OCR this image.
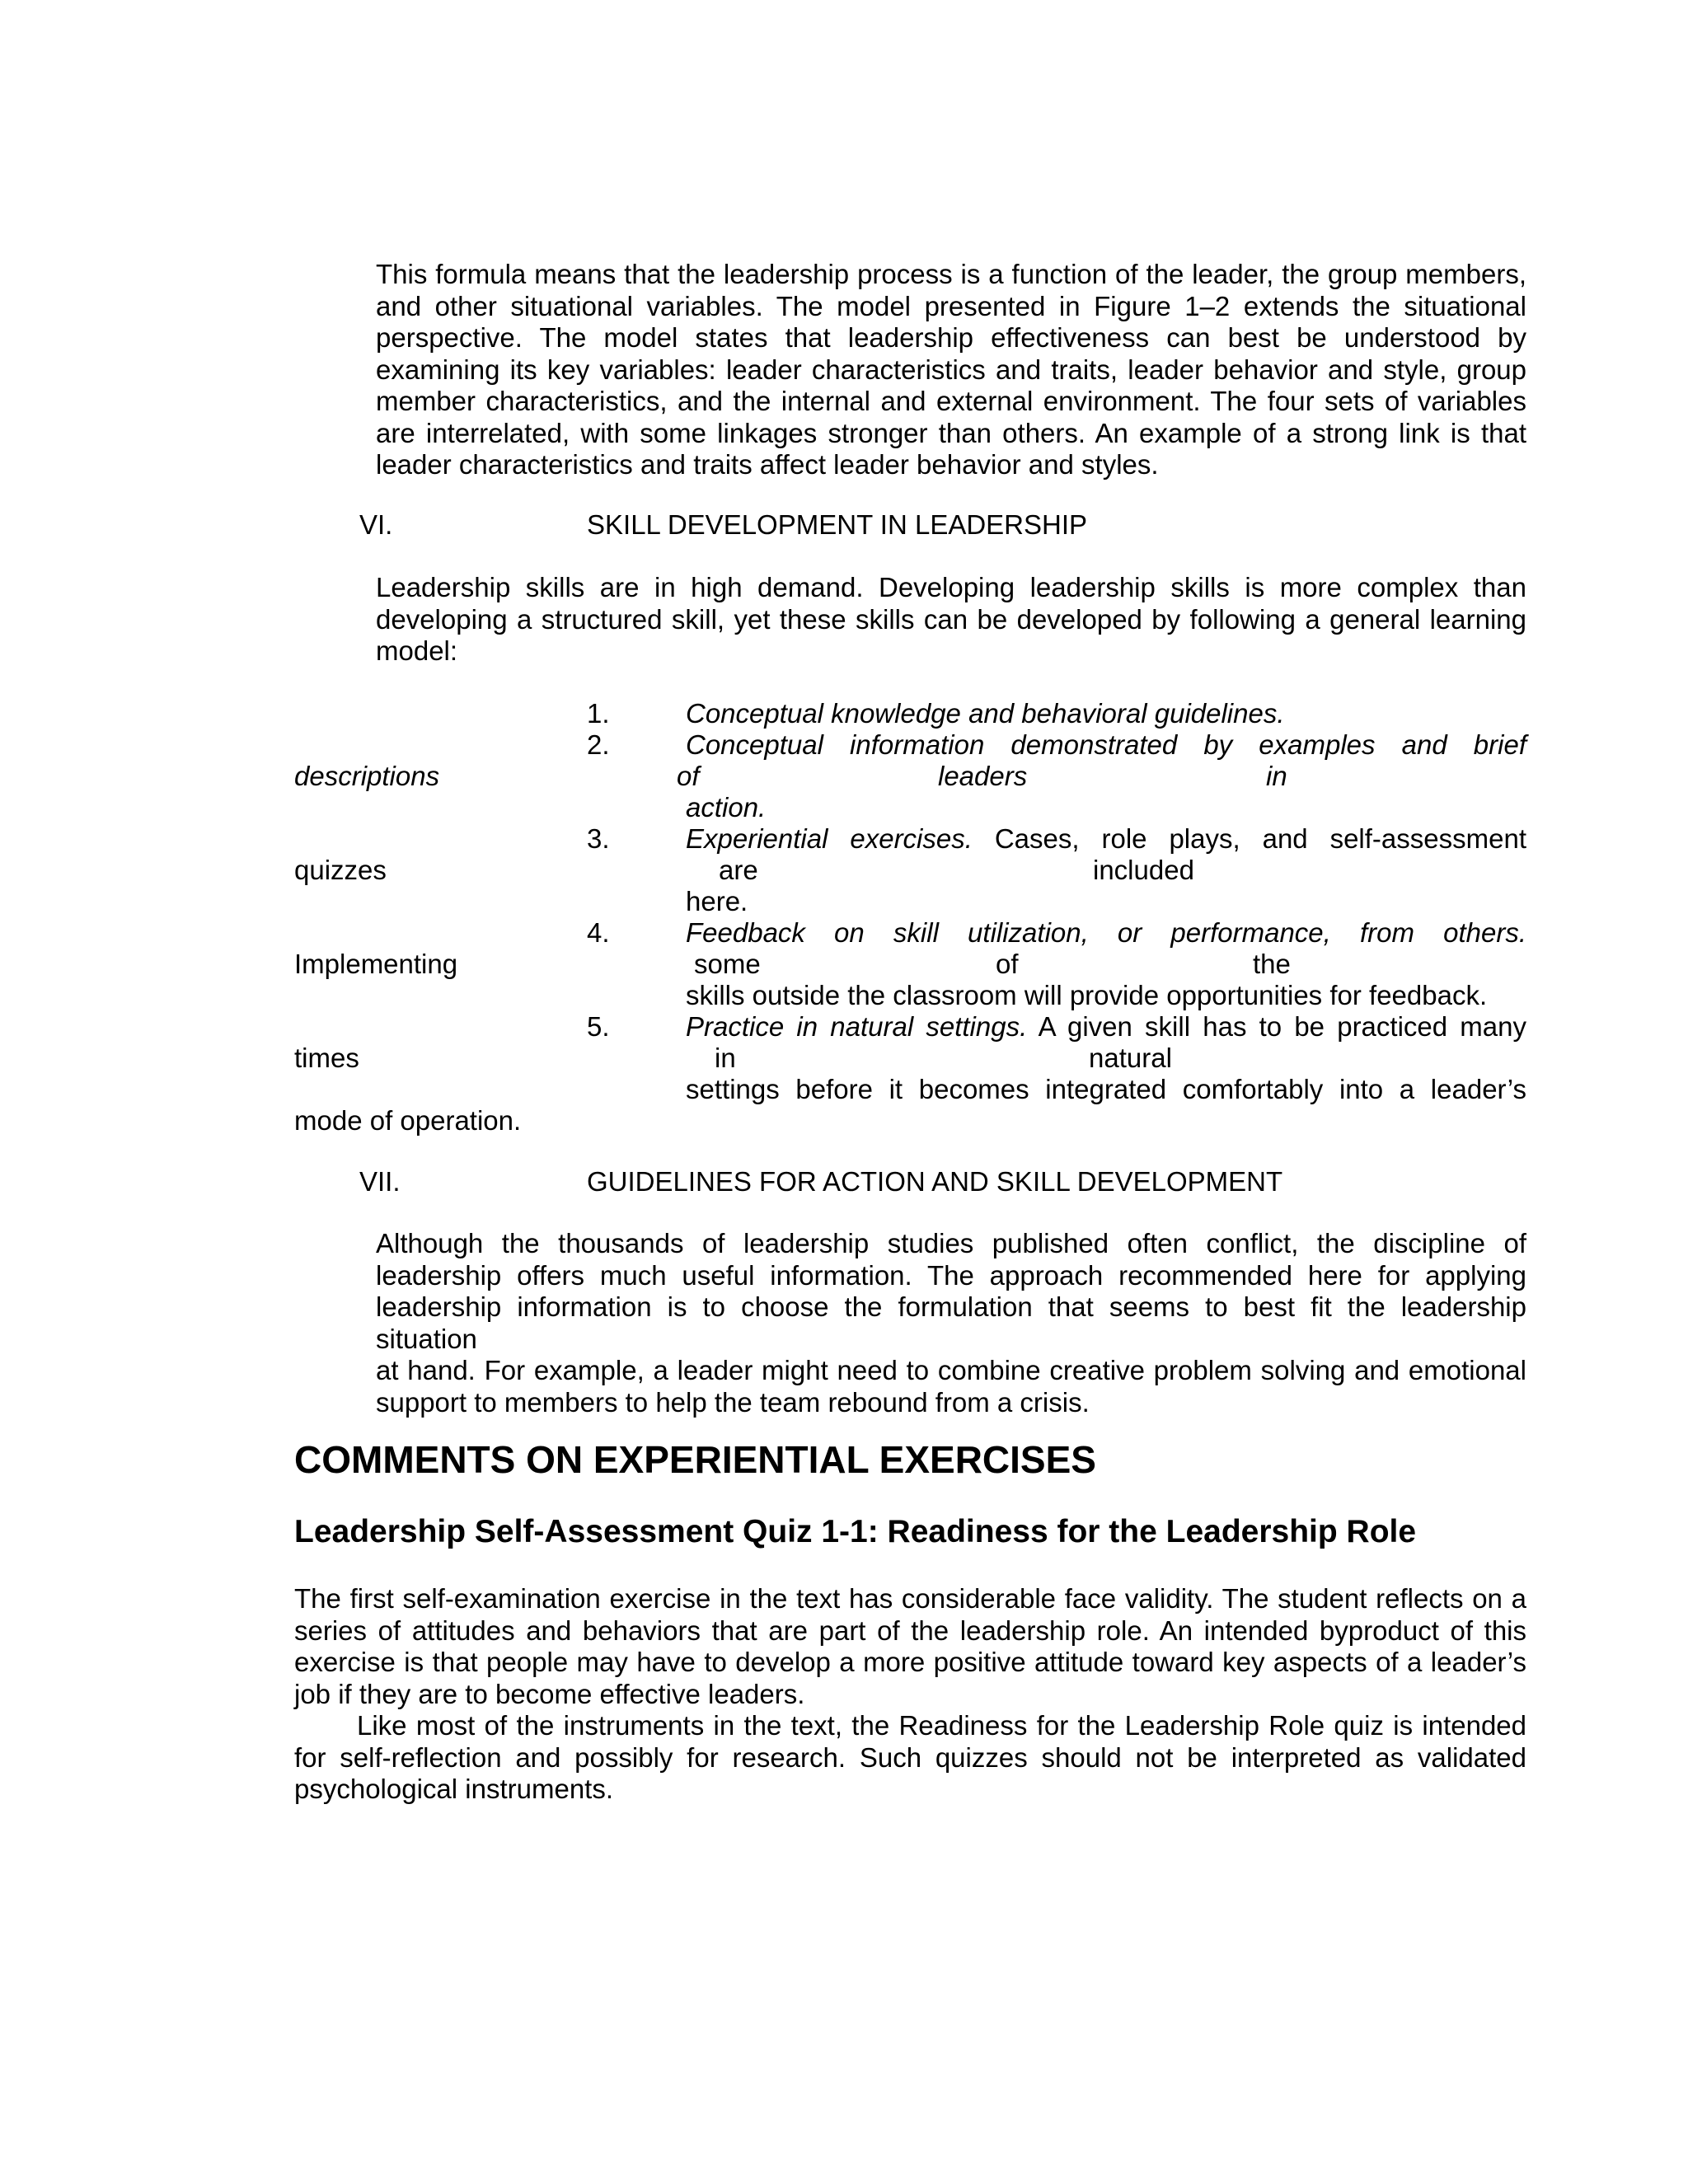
This formula means that the leadership process is a function of the leader, the group members,
and other situational variables. The model presented in Figure 1–2 extends the situational
perspective. The model states that leadership effectiveness can best be understood by
examining its key variables: leader characteristics and traits, leader behavior and style, group
member characteristics, and the internal and external environment. The four sets of variables
are interrelated, with some linkages stronger than others. An example of a strong link is that
leader characteristics and traits affect leader behavior and styles.
VI.	SKILL DEVELOPMENT IN LEADERSHIP
Leadership skills are in high demand. Developing leadership skills is more complex than
developing a structured skill, yet these skills can be developed by following a general learning
model:
1.	Conceptual knowledge and behavioral guidelines.
2.	Conceptual information demonstrated by examples and brief
descriptions	of	leaders	in
action.
3.	Experiential exercises. Cases, role plays, and self-assessment
quizzes	are	included
here.
4.	Feedback on skill utilization, or performance, from others.
Implementing	some	of	the
skills outside the classroom will provide opportunities for feedback.
5.	Practice in natural settings. A given skill has to be practiced many
times	in	natural
settings before it becomes integrated comfortably into a leader’s
mode of operation.
VII.	GUIDELINES FOR ACTION AND SKILL DEVELOPMENT
Although the thousands of leadership studies published often conflict, the discipline of
leadership offers much useful information. The approach recommended here for applying
leadership information is to choose the formulation that seems to best fit the leadership situation
at hand. For example, a leader might need to combine creative problem solving and emotional
support to members to help the team rebound from a crisis.
COMMENTS ON EXPERIENTIAL EXERCISES
Leadership Self-Assessment Quiz 1-1: Readiness for the Leadership Role
The first self-examination exercise in the text has considerable face validity. The student reflects on a
series of attitudes and behaviors that are part of the leadership role. An intended byproduct of this
exercise is that people may have to develop a more positive attitude toward key aspects of a leader’s
job if they are to become effective leaders.
Like most of the instruments in the text, the Readiness for the Leadership Role quiz is intended
for self-reflection and possibly for research. Such quizzes should not be interpreted as validated
psychological instruments.
